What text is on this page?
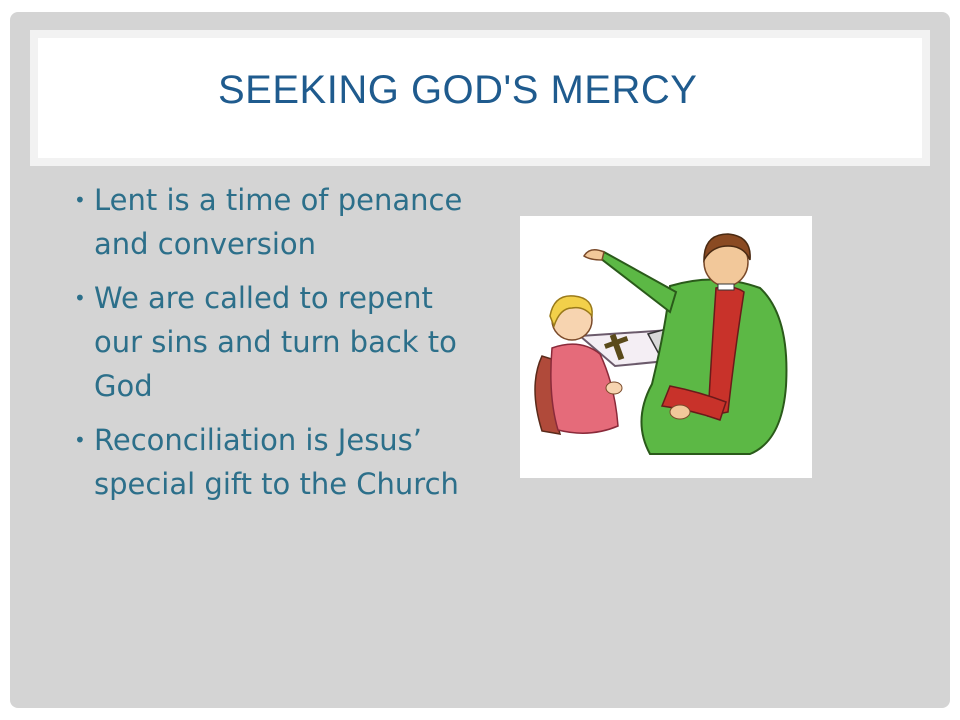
SEEKING GOD'S MERCY
• Lent is a time of penance and conversion
• We are called to repent our sins and turn back to God
• Reconciliation is Jesus’ special gift to the Church
